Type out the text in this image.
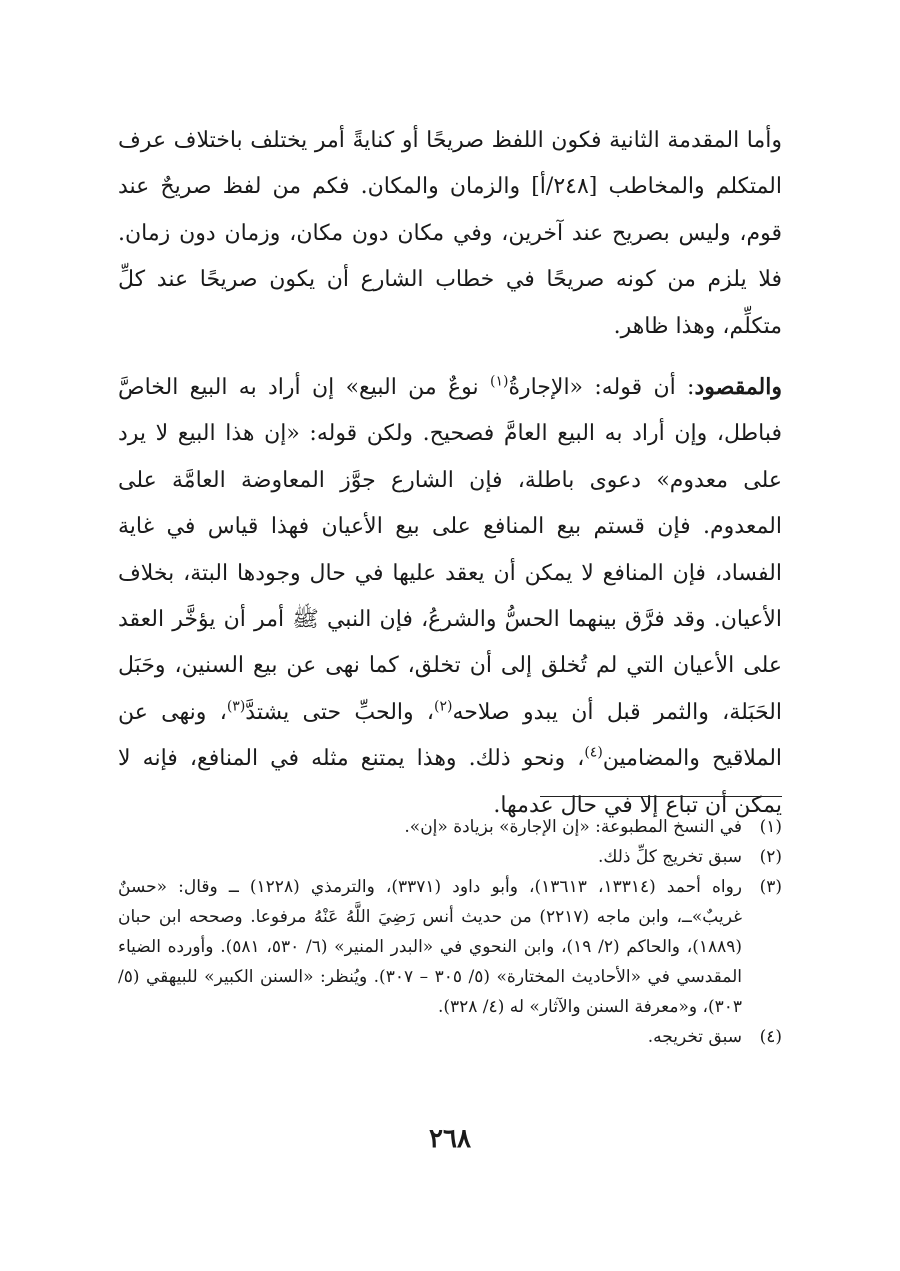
وأما المقدمة الثانية فكون اللفظ صريحًا أو كنايةً أمر يختلف باختلاف عرف المتكلم والمخاطب [٢٤٨/أ] والزمان والمكان. فكم من لفظ صريحٌ عند قوم، وليس بصريح عند آخرين، وفي مكان دون مكان، وزمان دون زمان. فلا يلزم من كونه صريحًا في خطاب الشارع أن يكون صريحًا عند كلِّ متكلِّم، وهذا ظاهر.

والمقصود: أن قوله: «الإجارةُ$^{(١)}$ نوعٌ من البيع» إن أراد به البيع الخاصَّ فباطل، وإن أراد به البيع العامَّ فصحيح. ولكن قوله: «إن هذا البيع لا يرد على معدوم» دعوى باطلة، فإن الشارع جوَّز المعاوضة العامَّة على المعدوم. فإن قستم بيع المنافع على بيع الأعيان فهذا قياس في غاية الفساد، فإن المنافع لا يمكن أن يعقد عليها في حال وجودها البتة، بخلاف الأعيان. وقد فرَّق بينهما الحسُّ والشرعُ، فإن النبي ﷺ أمر أن يؤخَّر العقد على الأعيان التي لم تُخلق إلى أن تخلق، كما نهى عن بيع السنين، وحَبَل الحَبَلة، والثمر قبل أن يبدو صلاحه$^{(٢)}$، والحبِّ حتى يشتدَّ$^{(٣)}$، ونهى عن الملاقيح والمضامين$^{(٤)}$، ونحو ذلك. وهذا يمتنع مثله في المنافع، فإنه لا يمكن أن تباع إلا في حال عدمها.

(١)
في النسخ المطبوعة: «إن الإجارة» بزيادة «إن».
(٢)
سبق تخريج كلِّ ذلك.
(٣)
رواه أحمد (١٣٣١٤، ١٣٦١٣)، وأبو داود (٣٣٧١)، والترمذي (١٢٢٨) ــ وقال: «حسنٌ غريبٌ»ــ، وابن ماجه (٢٢١٧) من حديث أنس رَضِيَ اللَّهُ عَنْهُ مرفوعا. وصححه ابن حبان (١٨٨٩)، والحاكم (٢/ ١٩)، وابن النحوي في «البدر المنير» (٦/ ٥٣٠، ٥٨١). وأورده الضياء المقدسي في «الأحاديث المختارة» (٥/ ٣٠٥ – ٣٠٧). ويُنظر: «السنن الكبير» للبيهقي (٥/ ٣٠٣)، و«معرفة السنن والآثار» له (٤/ ٣٢٨).
(٤)
سبق تخريجه.
٢٦٨
